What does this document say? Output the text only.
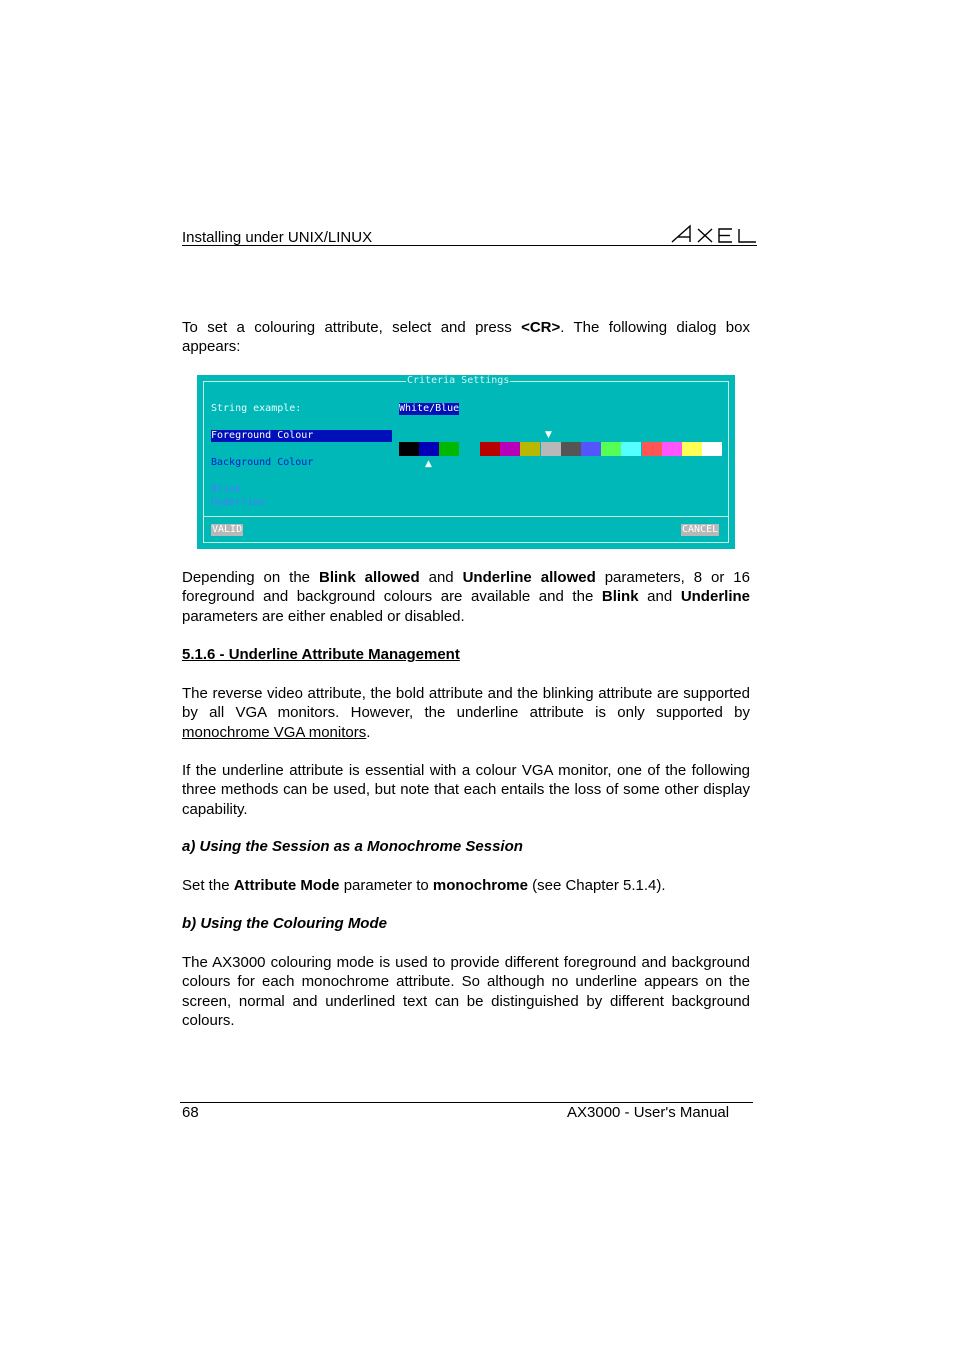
Installing under UNIX/LINUX
To set a colouring attribute, select and press <CR>. The following dialog box appears:
Criteria Settings
String example:	White/Blue
Foreground Colour	▼
Background Colour	▲
Blink
Underline
VALID	CANCEL
Depending on the Blink allowed and Underline allowed parameters, 8 or 16 foreground and background colours are available and the Blink and Underline parameters are either enabled or disabled.
5.1.6 - Underline Attribute Management
The reverse video attribute, the bold attribute and the blinking attribute are supported by all VGA monitors. However, the underline attribute is only supported by monochrome VGA monitors.
If the underline attribute is essential with a colour VGA monitor, one of the following three methods can be used, but note that each entails the loss of some other display capability.
a) Using the Session as a Monochrome Session
Set the Attribute Mode parameter to monochrome (see Chapter 5.1.4).
b) Using the Colouring Mode
The AX3000 colouring mode is used to provide different foreground and background colours for each monochrome attribute. So although no underline appears on the screen, normal and underlined text can be distinguished by different background colours.
68	AX3000 - User's Manual
